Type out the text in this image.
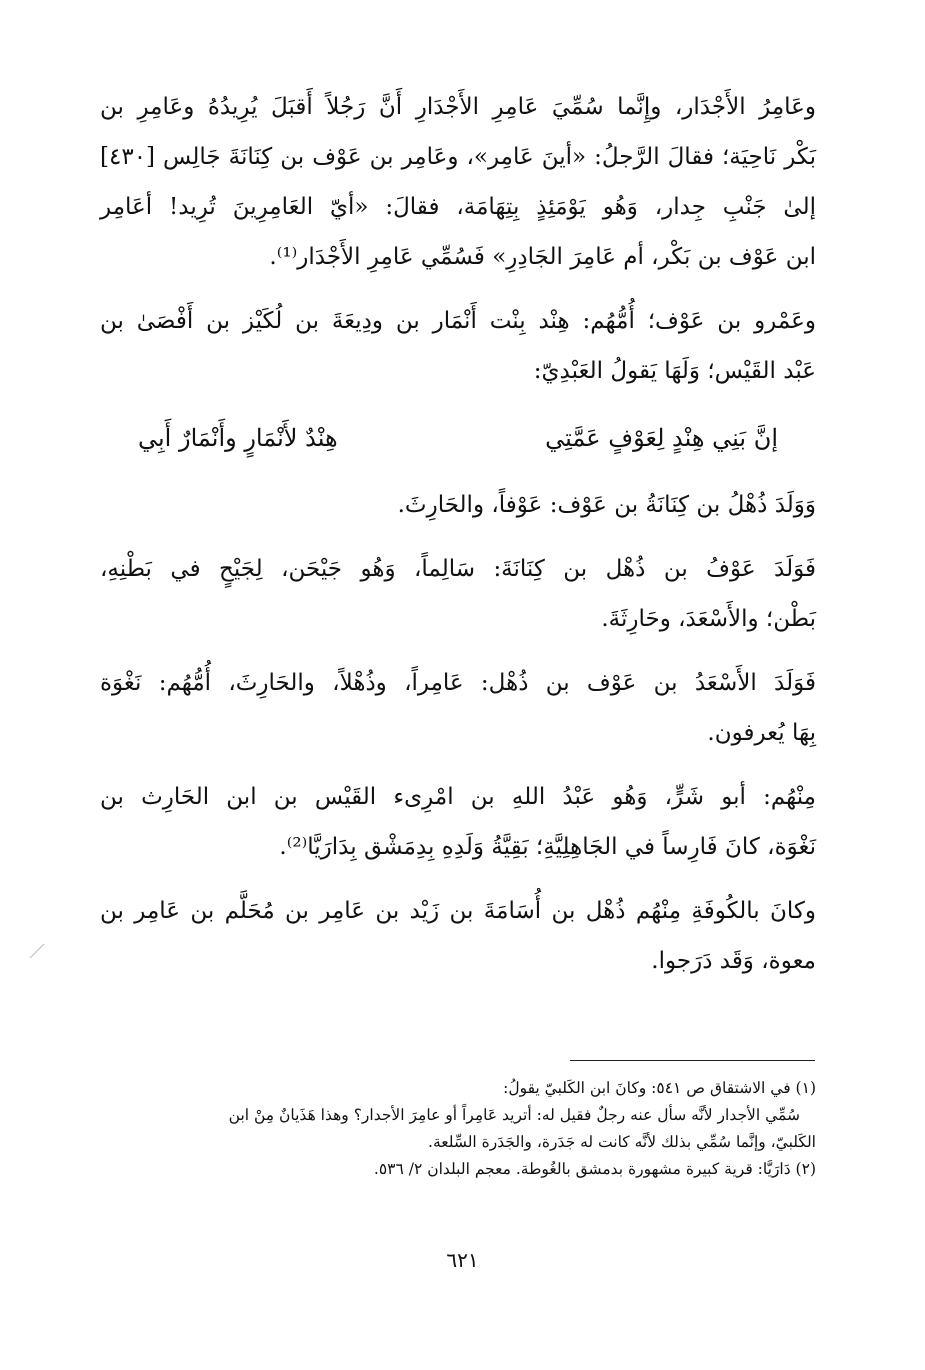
وعَامِرُ الأَجْدَار، وإِنَّما سُمِّيَ عَامِرِ الأَجْدَارِ أَنَّ رَجُلاً أَقبَلَ يُرِيدُهُ وعَامِرِ بن
بَكْر نَاحِيَة؛ فقالَ الرَّجلُ: «أينَ عَامِر»، وعَامِر بن عَوْف بن كِنَانَةَ جَالِس [٤٣٠]
إلىٰ جَنْبِ جِدار، وَهُو يَوْمَئِذٍ بِتِهَامَة، فقالَ: «أيّ العَامِرِينَ تُرِيد! أعَامِر
ابن عَوْف بن بَكْر، أم عَامِرَ الجَادِرِ» فَسُمِّي عَامِرِ الأَجْدَار⁽¹⁾.
وعَمْرو بن عَوْف؛ أُمُّهُم: هِنْد بِنْت أَنْمَار بن ودِيعَةَ بن لُكَيْز بن أَفْصَىٰ بن
عَبْد القَيْس؛ وَلَهَا يَقولُ العَبْدِيّ:
إنَّ بَنِي هِنْدٍ لِعَوْفٍ عَمَّتِي
هِنْدٌ لأَنْمَارٍ وأَنْمَارٌ أَبِي
وَوَلَدَ ذُهْلُ بن كِنَانَةُ بن عَوْف: عَوْفاً، والحَارِثَ.
فَوَلَدَ عَوْفُ بن ذُهْل بن كِنَانَةَ: سَالِماً، وَهُو جَيْحَن، لِجَيْحٍ في بَطْنِهِ،
بَطْن؛ والأَسْعَدَ، وحَارِثَةَ.
فَوَلَدَ الأَسْعَدُ بن عَوْف بن ذُهْل: عَامِراً، وذُهْلاً، والحَارِثَ، أُمُّهُم: نَغْوَة
بِهَا يُعرفون.
مِنْهُم: أبو شَرٍّ، وَهُو عَبْدُ اللهِ بن امْرِىء القَيْس بن ابن الحَارِث بن
نَغْوَة، كانَ فَارِساً في الجَاهِلِيَّةِ؛ بَقِيَّةُ وَلَدِهِ بِدِمَشْق بِدَارَيَّا⁽²⁾.
وكانَ بالكُوفَةِ مِنْهُم ذُهْل بن أُسَامَةَ بن زَيْد بن عَامِر بن مُحَلَّم بن عَامِر بن
معوة، وَقَد دَرَجوا.
(١) في الاشتقاق ص ٥٤١: وكانَ ابن الكَلبيّ يقولُ:
سُمِّي الأجدار لأنَّه سأل عنه رجلٌ فقيل له: أتريد عَامِراً أو عامِرَ الأجدار؟ وهذا هَذَيانٌ مِنْ ابن
الكَلبيّ، وإنَّما سُمِّي بذلك لأنَّه كانت له جَدَرة، والجَدَرة السِّلعة.
(٢) دَارَيَّا: قرية كبيرة مشهورة بدمشق بالغُوطة. معجم البلدان ٢/ ٥٣٦.
٦٢١
